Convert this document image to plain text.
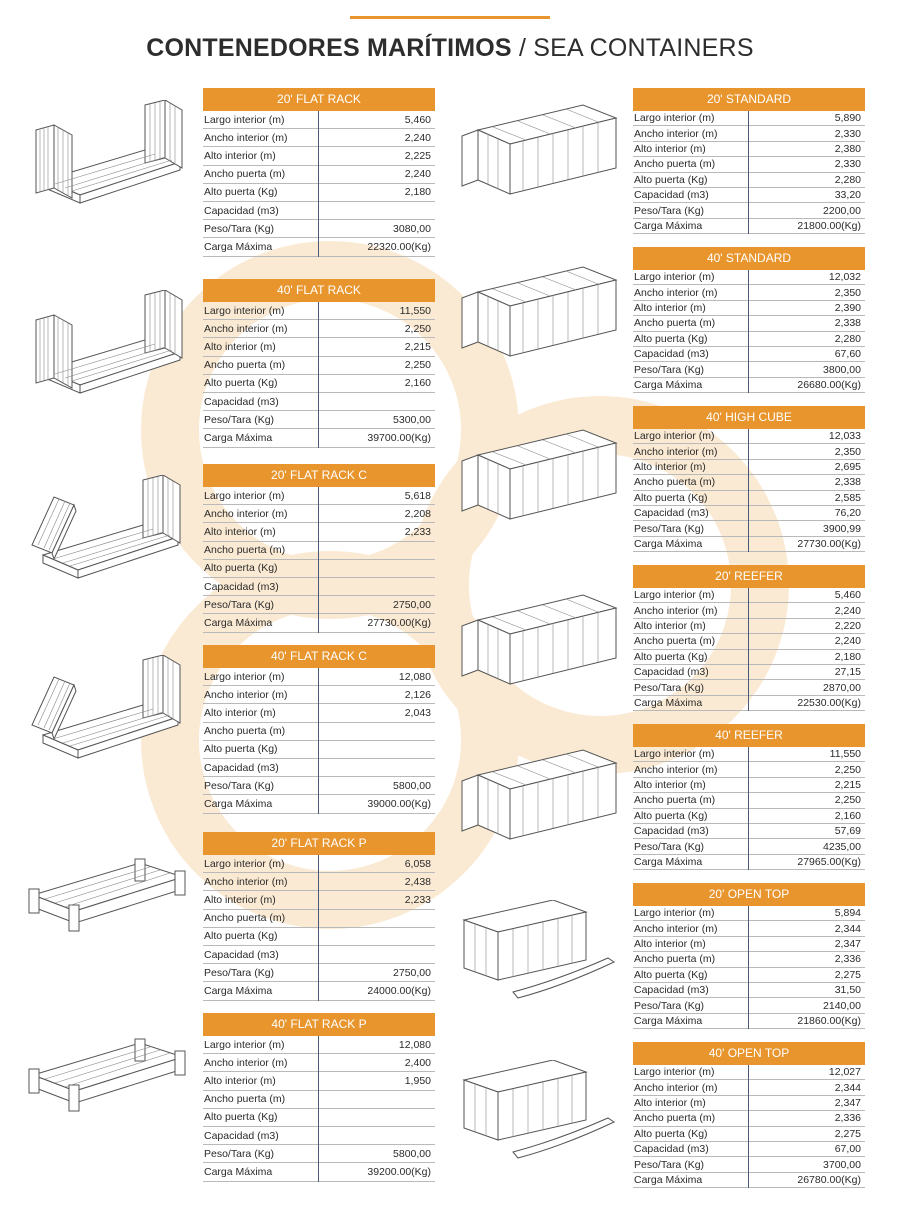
CONTENEDORES MARÍTIMOS / SEA CONTAINERS
20' FLAT RACK
Largo interior (m)	5,460
Ancho interior (m)	2,240
Alto interior (m)	2,225
Ancho puerta (m)	2,240
Alto puerta (Kg)	2,180
Capacidad (m3)
Peso/Tara (Kg)	3080,00
Carga Máxima	22320.00(Kg)
40' FLAT RACK
Largo interior (m)	11,550
Ancho interior (m)	2,250
Alto interior (m)	2,215
Ancho puerta (m)	2,250
Alto puerta (Kg)	2,160
Capacidad (m3)
Peso/Tara (Kg)	5300,00
Carga Máxima	39700.00(Kg)
20' FLAT RACK C
Largo interior (m)	5,618
Ancho interior (m)	2,208
Alto interior (m)	2,233
Ancho puerta (m)
Alto puerta (Kg)
Capacidad (m3)
Peso/Tara (Kg)	2750,00
Carga Máxima	27730.00(Kg)
40' FLAT RACK C
Largo interior (m)	12,080
Ancho interior (m)	2,126
Alto interior (m)	2,043
Ancho puerta (m)
Alto puerta (Kg)
Capacidad (m3)
Peso/Tara (Kg)	5800,00
Carga Máxima	39000.00(Kg)
20' FLAT RACK P
Largo interior (m)	6,058
Ancho interior (m)	2,438
Alto interior (m)	2,233
Ancho puerta (m)
Alto puerta (Kg)
Capacidad (m3)
Peso/Tara (Kg)	2750,00
Carga Máxima	24000.00(Kg)
40' FLAT RACK P
Largo interior (m)	12,080
Ancho interior (m)	2,400
Alto interior (m)	1,950
Ancho puerta (m)
Alto puerta (Kg)
Capacidad (m3)
Peso/Tara (Kg)	5800,00
Carga Máxima	39200.00(Kg)
20' STANDARD
Largo interior (m)	5,890
Ancho interior (m)	2,330
Alto interior (m)	2,380
Ancho puerta (m)	2,330
Alto puerta (Kg)	2,280
Capacidad (m3)	33,20
Peso/Tara (Kg)	2200,00
Carga Máxima	21800.00(Kg)
40' STANDARD
Largo interior (m)	12,032
Ancho interior (m)	2,350
Alto interior (m)	2,390
Ancho puerta (m)	2,338
Alto puerta (Kg)	2,280
Capacidad (m3)	67,60
Peso/Tara (Kg)	3800,00
Carga Máxima	26680.00(Kg)
40' HIGH CUBE
Largo interior (m)	12,033
Ancho interior (m)	2,350
Alto interior (m)	2,695
Ancho puerta (m)	2,338
Alto puerta (Kg)	2,585
Capacidad (m3)	76,20
Peso/Tara (Kg)	3900,99
Carga Máxima	27730.00(Kg)
20' REEFER
Largo interior (m)	5,460
Ancho interior (m)	2,240
Alto interior (m)	2,220
Ancho puerta (m)	2,240
Alto puerta (Kg)	2,180
Capacidad (m3)	27,15
Peso/Tara (Kg)	2870,00
Carga Máxima	22530.00(Kg)
40' REEFER
Largo interior (m)	11,550
Ancho interior (m)	2,250
Alto interior (m)	2,215
Ancho puerta (m)	2,250
Alto puerta (Kg)	2,160
Capacidad (m3)	57,69
Peso/Tara (Kg)	4235,00
Carga Máxima	27965.00(Kg)
20' OPEN TOP
Largo interior (m)	5,894
Ancho interior (m)	2,344
Alto interior (m)	2,347
Ancho puerta (m)	2,336
Alto puerta (Kg)	2,275
Capacidad (m3)	31,50
Peso/Tara (Kg)	2140,00
Carga Máxima	21860.00(Kg)
40' OPEN TOP
Largo interior (m)	12,027
Ancho interior (m)	2,344
Alto interior (m)	2,347
Ancho puerta (m)	2,336
Alto puerta (Kg)	2,275
Capacidad (m3)	67,00
Peso/Tara (Kg)	3700,00
Carga Máxima	26780.00(Kg)
